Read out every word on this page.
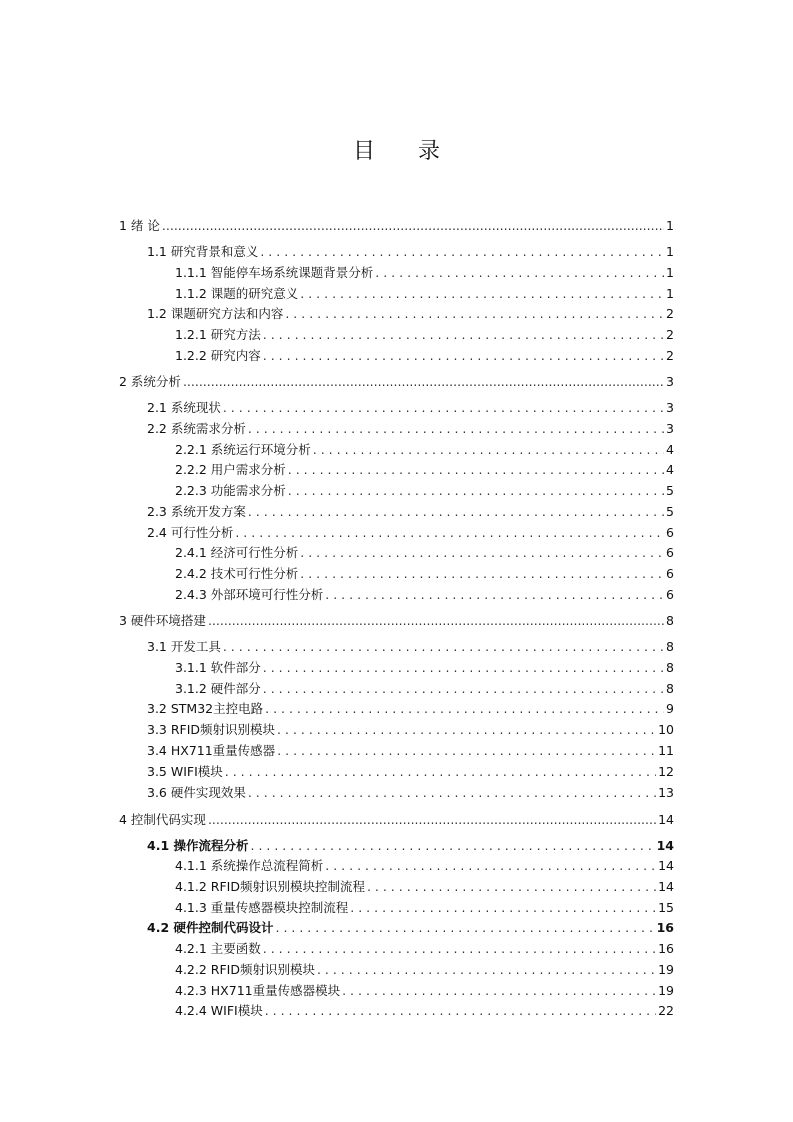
目 录
1 绪 论 .....	1
1.1 研究背景和意义 . . .	1
1.1.1 智能停车场系统课题背景分析 . . .	1
1.1.2 课题的研究意义 . . .	1
1.2 课题研究方法和内容 . . .	2
1.2.1 研究方法 . . .	2
1.2.2 研究内容 . . .	2
2 系统分析 .....	3
2.1 系统现状 . . .	3
2.2 系统需求分析 . . .	3
2.2.1 系统运行环境分析 . . .	4
2.2.2 用户需求分析 . . .	4
2.2.3 功能需求分析 . . .	5
2.3 系统开发方案 . . .	5
2.4 可行性分析 . . .	6
2.4.1 经济可行性分析 . . .	6
2.4.2 技术可行性分析 . . .	6
2.4.3 外部环境可行性分析 . . .	6
3 硬件环境搭建 .....	8
3.1 开发工具 . . .	8
3.1.1 软件部分 . . .	8
3.1.2 硬件部分 . . .	8
3.2 STM32主控电路 . . .	9
3.3 RFID频射识别模块 . . .	10
3.4 HX711重量传感器 . . .	11
3.5 WIFI模块 . . .	12
3.6 硬件实现效果 . . .	13
4 控制代码实现 .....	14
4.1 操作流程分析 . . .	14
4.1.1 系统操作总流程简析 . . .	14
4.1.2 RFID频射识别模块控制流程 . . .	14
4.1.3 重量传感器模块控制流程 . . .	15
4.2 硬件控制代码设计 . . .	16
4.2.1 主要函数 . . .	16
4.2.2 RFID频射识别模块 . . .	19
4.2.3 HX711重量传感器模块 . . .	19
4.2.4 WIFI模块 . . .	22
